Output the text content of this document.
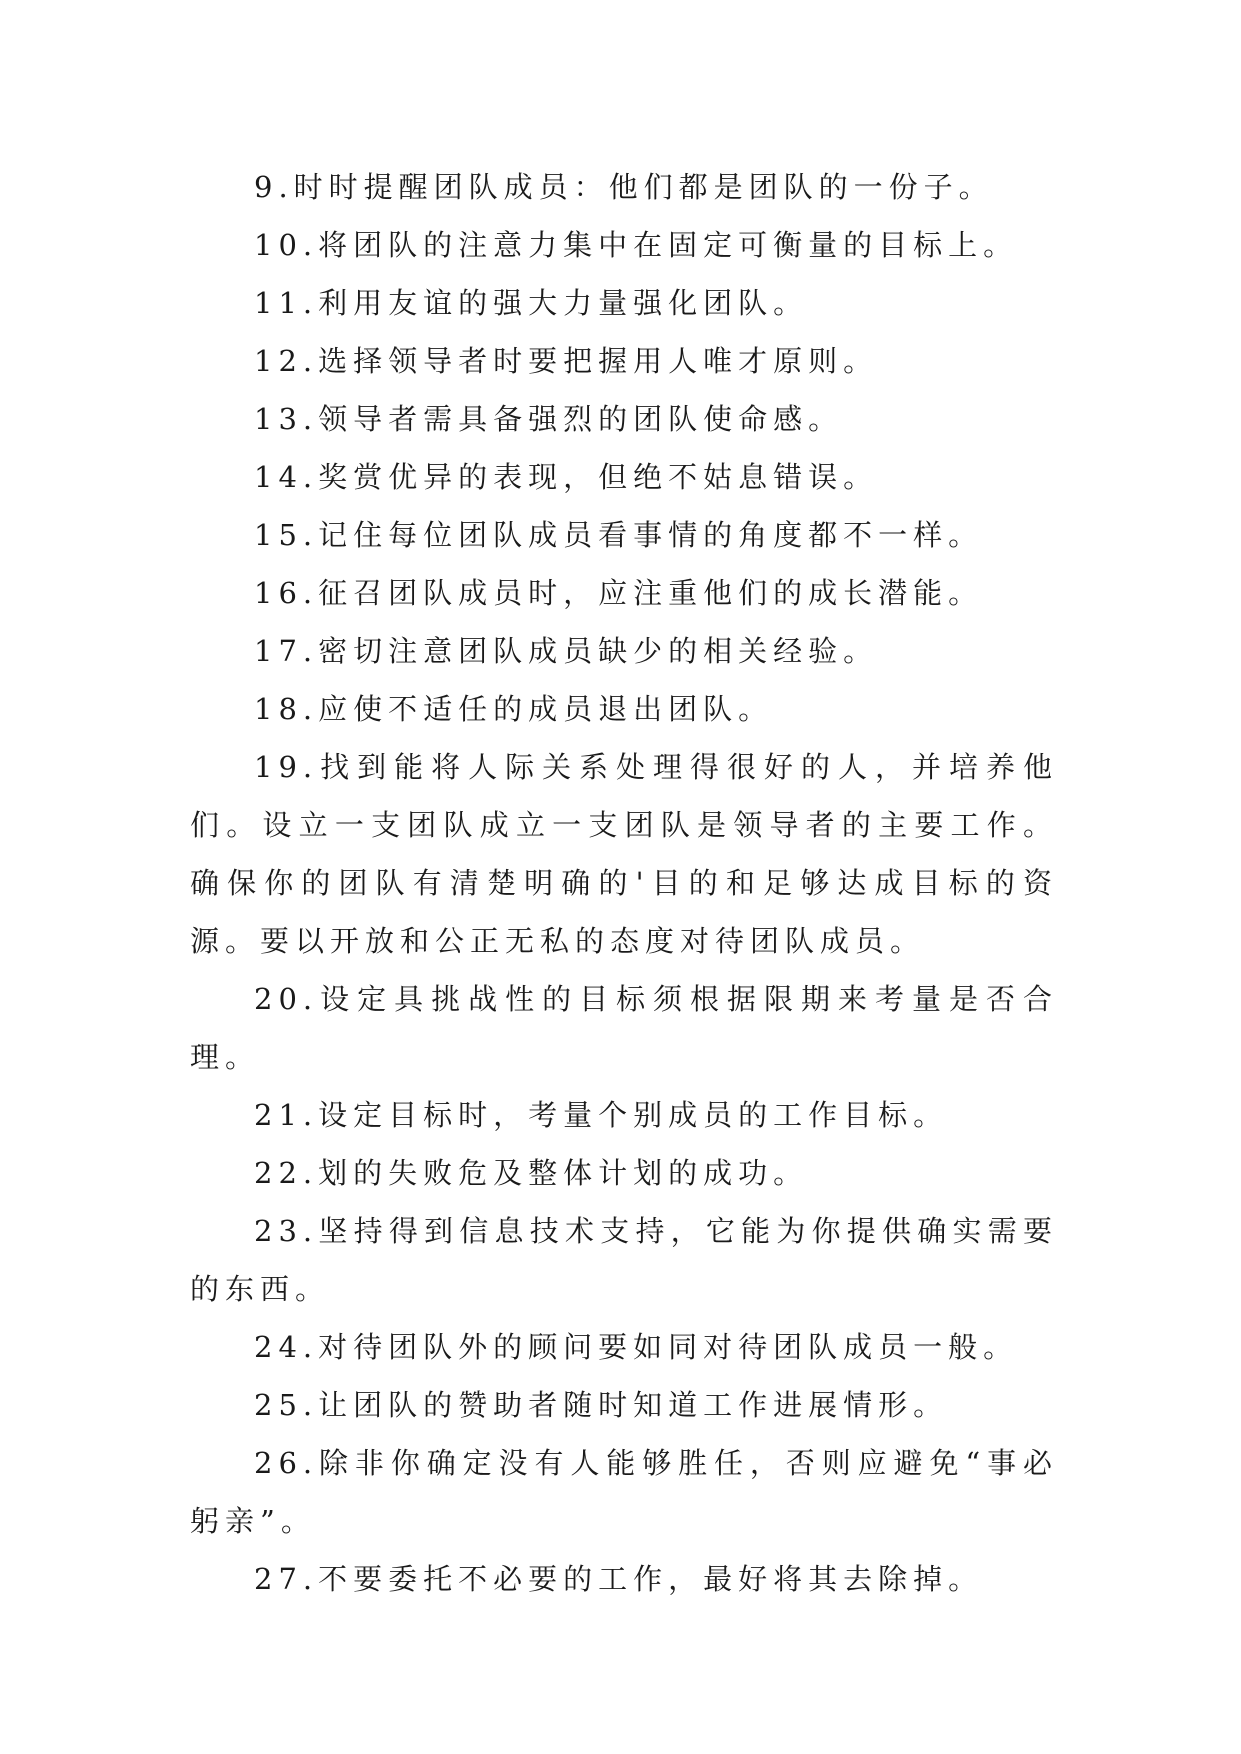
9.时时提醒团队成员：他们都是团队的一份子。

10.将团队的注意力集中在固定可衡量的目标上。

11.利用友谊的强大力量强化团队。

12.选择领导者时要把握用人唯才原则。

13.领导者需具备强烈的团队使命感。

14.奖赏优异的表现，但绝不姑息错误。

15.记住每位团队成员看事情的角度都不一样。

16.征召团队成员时，应注重他们的成长潜能。

17.密切注意团队成员缺少的相关经验。

18.应使不适任的成员退出团队。

19.找到能将人际关系处理得很好的人，并培养他们。设立一支团队成立一支团队是领导者的主要工作。确保你的团队有清楚明确的'目的和足够达成目标的资源。要以开放和公正无私的态度对待团队成员。

20.设定具挑战性的目标须根据限期来考量是否合理。

21.设定目标时，考量个别成员的工作目标。

22.划的失败危及整体计划的成功。

23.坚持得到信息技术支持，它能为你提供确实需要的东西。

24.对待团队外的顾问要如同对待团队成员一般。

25.让团队的赞助者随时知道工作进展情形。

26.除非你确定没有人能够胜任，否则应避免“事必躬亲”。

27.不要委托不必要的工作，最好将其去除掉。
